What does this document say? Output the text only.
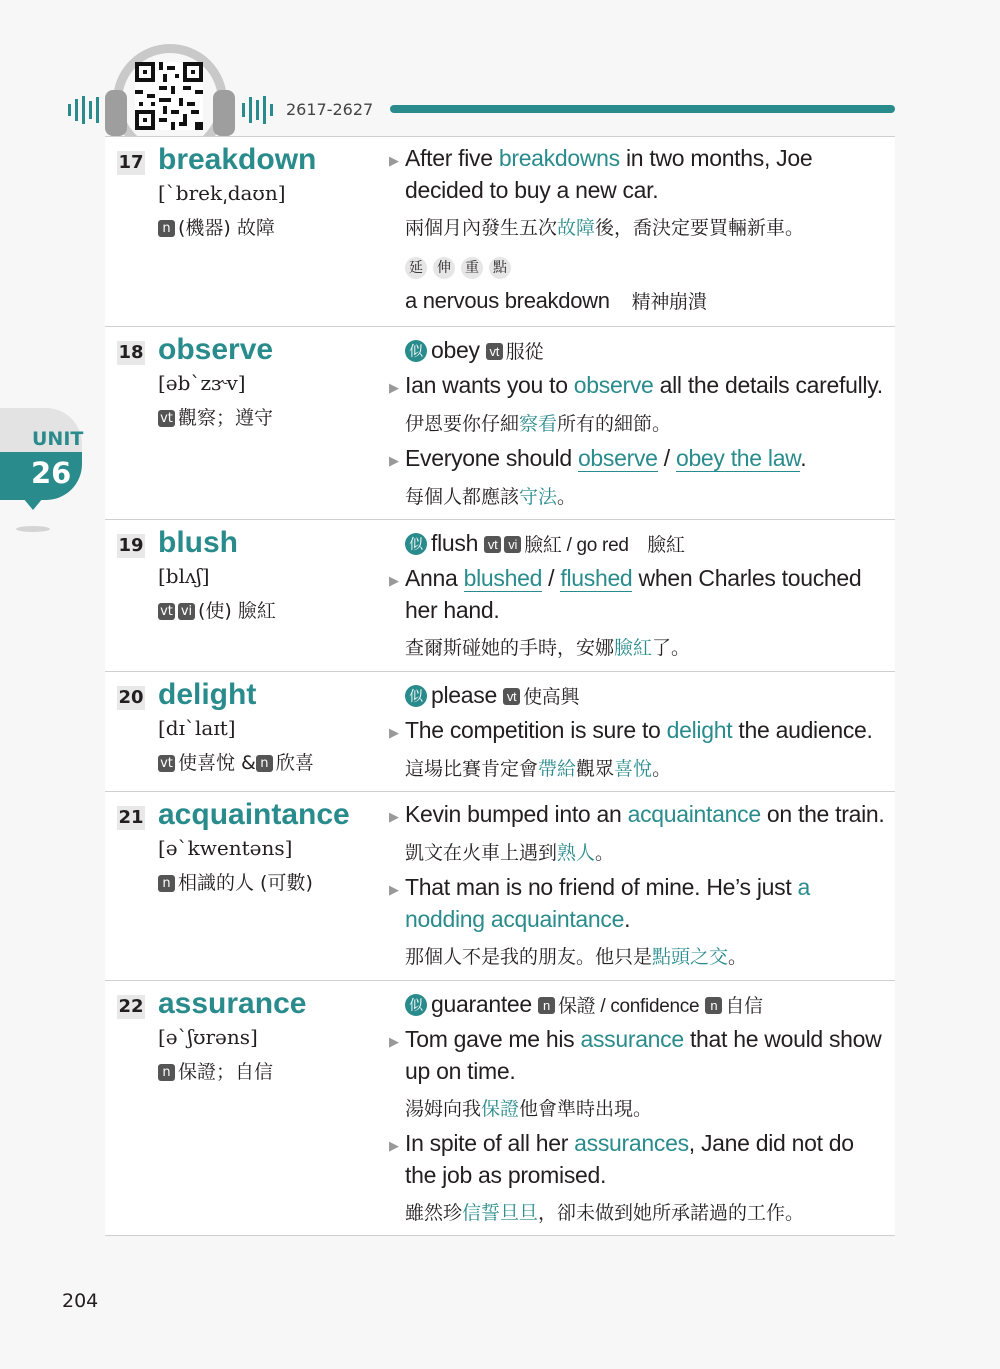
2617-2627
UNIT
26
17 breakdown
[ˋbrek͵daʊn]
n (機器) 故障
▶ After five breakdowns in two months, Joe
decided to buy a new car.
兩個月內發生五次故障後，喬決定要買輛新車。
延 伸 重 點
a nervous breakdown 精神崩潰
18 observe
[əbˋzɝv]
vt 觀察；遵守
似 obey vt 服從
▶ Ian wants you to observe all the details carefully.
伊恩要你仔細察看所有的細節。
▶ Everyone should observe / obey the law.
每個人都應該守法。
19 blush
[blʌʃ]
vt vi (使) 臉紅
似 flush vt vi 臉紅 / go red　臉紅
▶ Anna blushed / flushed when Charles touched
her hand.
查爾斯碰她的手時，安娜臉紅了。
20 delight
[dɪˋlaɪt]
vt 使喜悅 & n 欣喜
似 please vt 使高興
▶ The competition is sure to delight the audience.
這場比賽肯定會帶給觀眾喜悅。
21 acquaintance
[əˋkwentəns]
n 相識的人 (可數)
▶ Kevin bumped into an acquaintance on the train.
凱文在火車上遇到熟人。
▶ That man is no friend of mine. He’s just a
nodding acquaintance.
那個人不是我的朋友。他只是點頭之交。
22 assurance
[əˋʃʊrəns]
n 保證；自信
似 guarantee n 保證 / confidence n 自信
▶ Tom gave me his assurance that he would show
up on time.
湯姆向我保證他會準時出現。
▶ In spite of all her assurances, Jane did not do
the job as promised.
雖然珍信誓旦旦，卻未做到她所承諾過的工作。
204
